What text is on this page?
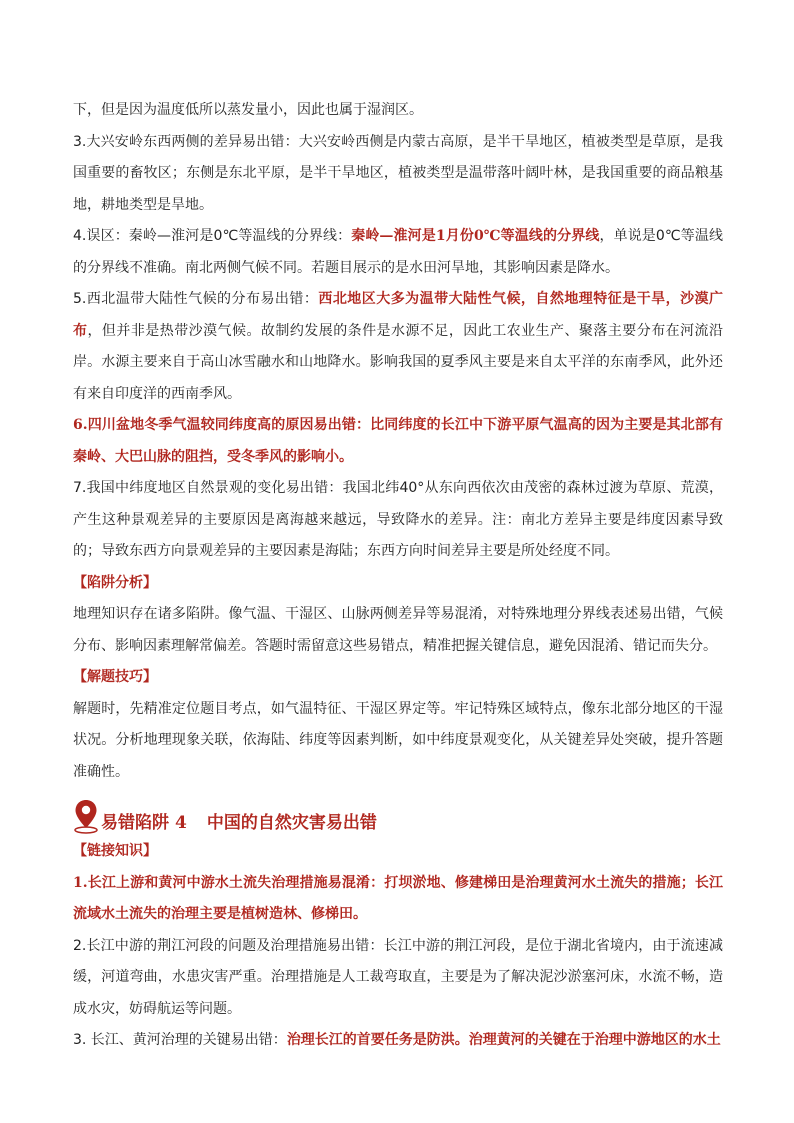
下，但是因为温度低所以蒸发量小，因此也属于湿润区。

3.大兴安岭东西两侧的差异易出错：大兴安岭西侧是内蒙古高原，是半干旱地区，植被类型是草原，是我国重要的畜牧区；东侧是东北平原，是半干旱地区，植被类型是温带落叶阔叶林，是我国重要的商品粮基地，耕地类型是旱地。

4.误区：秦岭—淮河是0℃等温线的分界线：秦岭—淮河是1月份0℃等温线的分界线，单说是0℃等温线的分界线不准确。南北两侧气候不同。若题目展示的是水田河旱地，其影响因素是降水。

5.西北温带大陆性气候的分布易出错：西北地区大多为温带大陆性气候，自然地理特征是干旱，沙漠广布，但并非是热带沙漠气候。故制约发展的条件是水源不足，因此工农业生产、聚落主要分布在河流沿岸。水源主要来自于高山冰雪融水和山地降水。影响我国的夏季风主要是来自太平洋的东南季风，此外还有来自印度洋的西南季风。

6.四川盆地冬季气温较同纬度高的原因易出错：比同纬度的长江中下游平原气温高的因为主要是其北部有秦岭、大巴山脉的阻挡，受冬季风的影响小。

7.我国中纬度地区自然景观的变化易出错：我国北纬40°从东向西依次由茂密的森林过渡为草原、荒漠，产生这种景观差异的主要原因是离海越来越远，导致降水的差异。注：南北方差异主要是纬度因素导致的；导致东西方向景观差异的主要因素是海陆；东西方向时间差异主要是所处经度不同。

【陷阱分析】

地理知识存在诸多陷阱。像气温、干湿区、山脉两侧差异等易混淆，对特殊地理分界线表述易出错，气候分布、影响因素理解常偏差。答题时需留意这些易错点，精准把握关键信息，避免因混淆、错记而失分。

【解题技巧】

解题时，先精准定位题目考点，如气温特征、干湿区界定等。牢记特殊区域特点，像东北部分地区的干湿状况。分析地理现象关联，依海陆、纬度等因素判断，如中纬度景观变化，从关键差异处突破，提升答题准确性。

易错陷阱 4 中国的自然灾害易出错

【链接知识】

1.长江上游和黄河中游水土流失治理措施易混淆：打坝淤地、修建梯田是治理黄河水土流失的措施；长江流域水土流失的治理主要是植树造林、修梯田。

2.长江中游的荆江河段的问题及治理措施易出错：长江中游的荆江河段，是位于湖北省境内，由于流速减缓，河道弯曲，水患灾害严重。治理措施是人工裁弯取直，主要是为了解决泥沙淤塞河床，水流不畅，造成水灾，妨碍航运等问题。

3. 长江、黄河治理的关键易出错：治理长江的首要任务是防洪。治理黄河的关键在于治理中游地区的水土
